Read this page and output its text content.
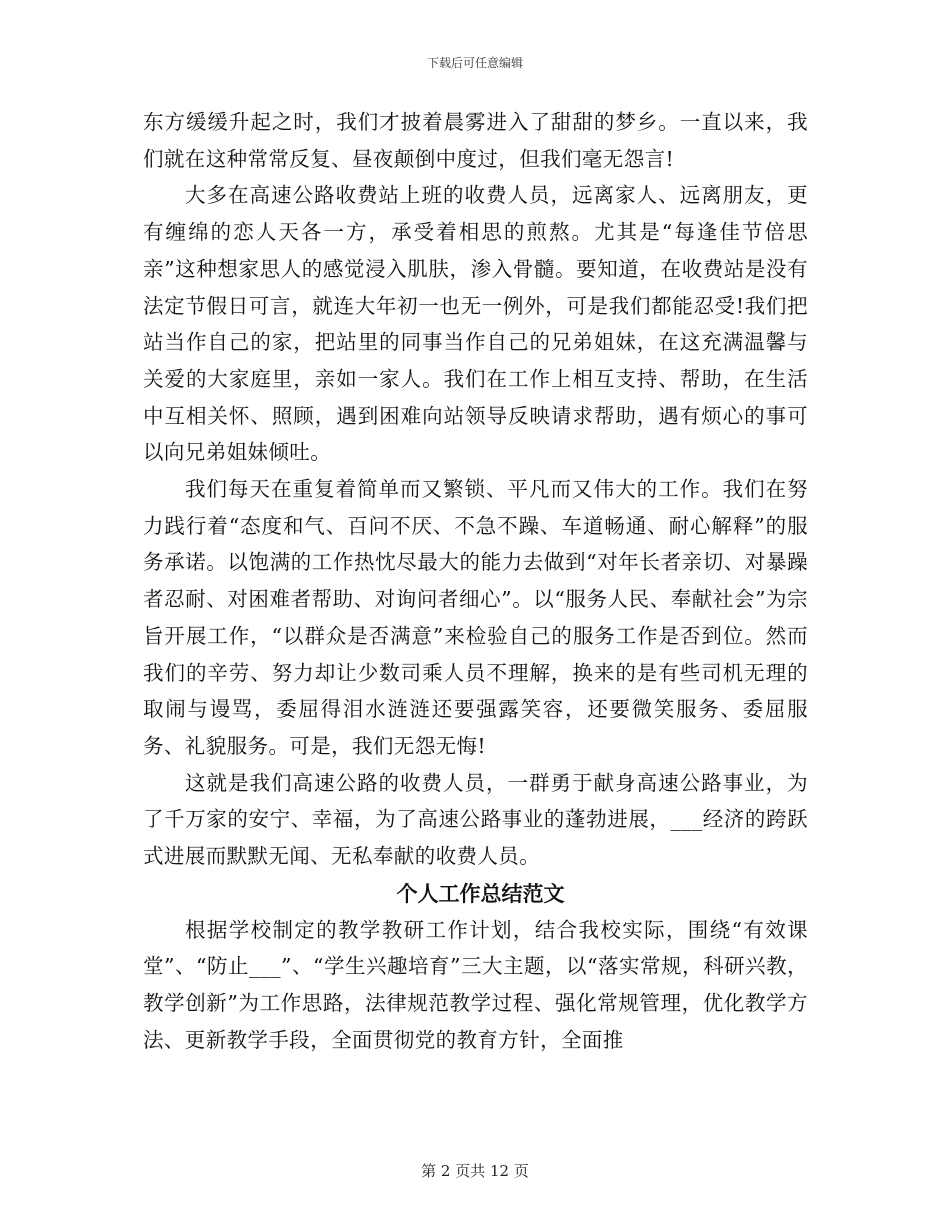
下载后可任意编辑

东方缓缓升起之时，我们才披着晨雾进入了甜甜的梦乡。一直以来，我们就在这种常常反复、昼夜颠倒中度过，但我们毫无怨言!

大多在高速公路收费站上班的收费人员，远离家人、远离朋友，更有缠绵的恋人天各一方，承受着相思的煎熬。尤其是“每逢佳节倍思亲”这种想家思人的感觉浸入肌肤，渗入骨髓。要知道，在收费站是没有法定节假日可言，就连大年初一也无一例外，可是我们都能忍受!我们把站当作自己的家，把站里的同事当作自己的兄弟姐妹，在这充满温馨与关爱的大家庭里，亲如一家人。我们在工作上相互支持、帮助，在生活中互相关怀、照顾，遇到困难向站领导反映请求帮助，遇有烦心的事可以向兄弟姐妹倾吐。

我们每天在重复着简单而又繁锁、平凡而又伟大的工作。我们在努力践行着“态度和气、百问不厌、不急不躁、车道畅通、耐心解释”的服务承诺。以饱满的工作热忱尽最大的能力去做到“对年长者亲切、对暴躁者忍耐、对困难者帮助、对询问者细心”。以“服务人民、奉献社会”为宗旨开展工作，“以群众是否满意”来检验自己的服务工作是否到位。然而我们的辛劳、努力却让少数司乘人员不理解，换来的是有些司机无理的取闹与谩骂，委屈得泪水涟涟还要强露笑容，还要微笑服务、委屈服务、礼貌服务。可是，我们无怨无悔!

这就是我们高速公路的收费人员，一群勇于献身高速公路事业，为了千万家的安宁、幸福，为了高速公路事业的蓬勃进展，___经济的跨跃式进展而默默无闻、无私奉献的收费人员。

个人工作总结范文

根据学校制定的教学教研工作计划，结合我校实际，围绕“有效课堂”、“防止___”、“学生兴趣培育”三大主题，以“落实常规，科研兴教，教学创新”为工作思路，法律规范教学过程、强化常规管理，优化教学方法、更新教学手段，全面贯彻党的教育方针，全面推

第 2 页共 12 页
